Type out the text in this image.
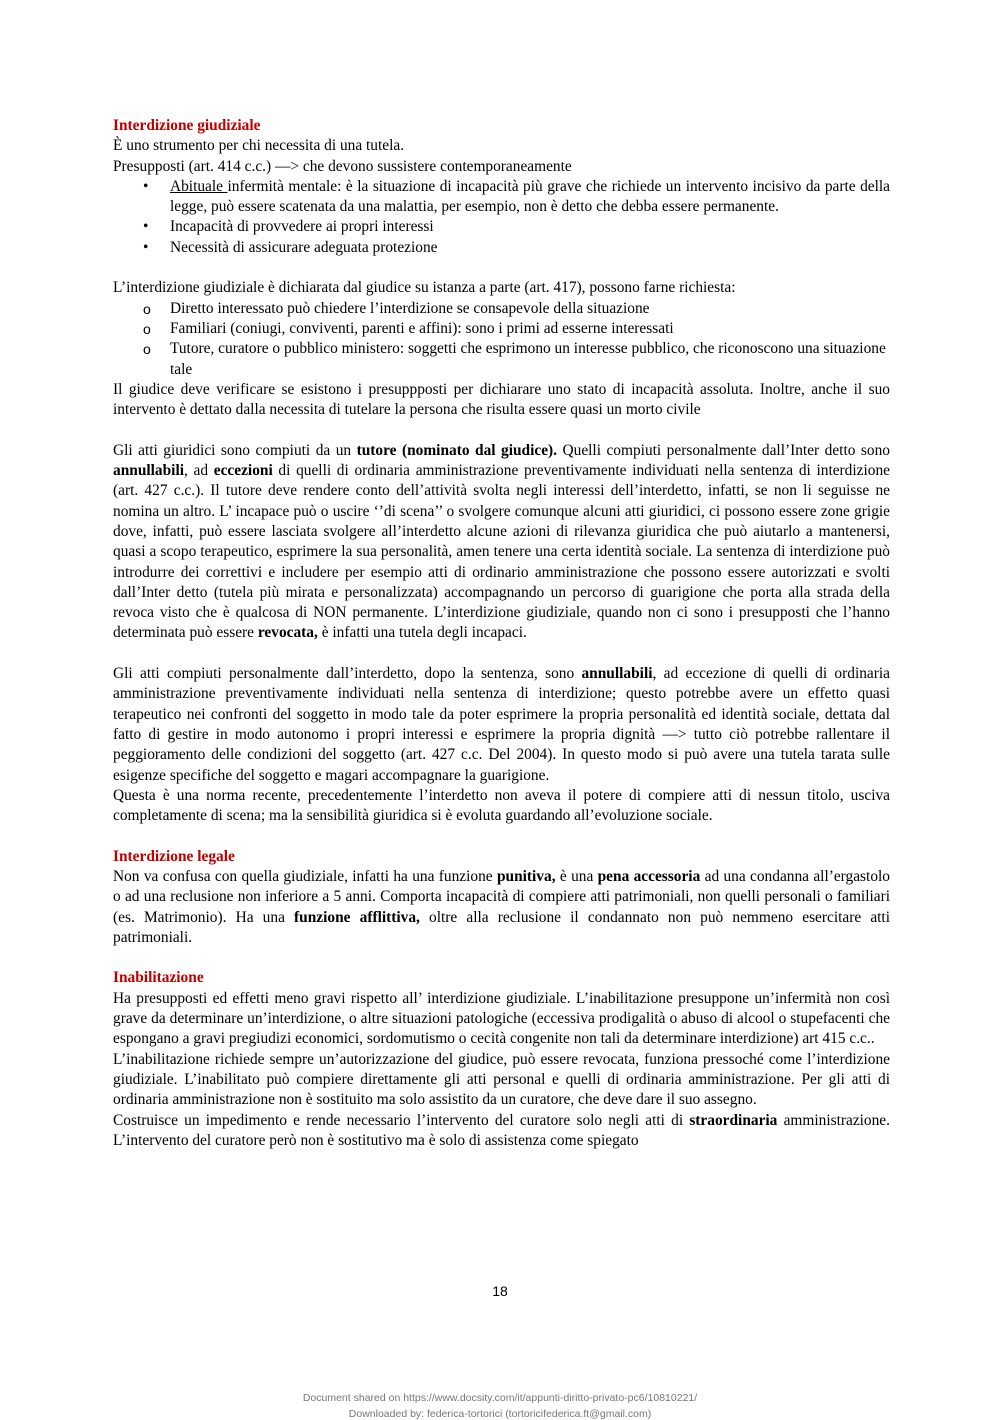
Interdizione giudiziale

È uno strumento per chi necessita di una tutela.

Presupposti (art. 414 c.c.) —> che devono sussistere contemporaneamente

• Abituale infermità mentale: è la situazione di incapacità più grave che richiede un intervento incisivo da parte della legge, può essere scatenata da una malattia, per esempio, non è detto che debba essere permanente.
• Incapacità di provvedere ai propri interessi
• Necessità di assicurare adeguata protezione

L’interdizione giudiziale è dichiarata dal giudice su istanza a parte (art. 417), possono farne richiesta:

o Diretto interessato può chiedere l’interdizione se consapevole della situazione
o Familiari (coniugi, conviventi, parenti e affini): sono i primi ad esserne interessati
o Tutore, curatore o pubblico ministero: soggetti che esprimono un interesse pubblico, che riconoscono una situazione tale

Il giudice deve verificare se esistono i presuppposti per dichiarare uno stato di incapacità assoluta. Inoltre, anche il suo intervento è dettato dalla necessita di tutelare la persona che risulta essere quasi un morto civile

Gli atti giuridici sono compiuti da un tutore (nominato dal giudice). Quelli compiuti personalmente dall’Inter detto sono annullabili, ad eccezioni di quelli di ordinaria amministrazione preventivamente individuati nella sentenza di interdizione (art. 427 c.c.). Il tutore deve rendere conto dell’attività svolta negli interessi dell’interdetto, infatti, se non li seguisse ne nomina un altro. L’ incapace può o uscire ‘’di scena’’ o svolgere comunque alcuni atti giuridici, ci possono essere zone grigie dove, infatti, può essere lasciata svolgere all’interdetto alcune azioni di rilevanza giuridica che può aiutarlo a mantenersi, quasi a scopo terapeutico, esprimere la sua personalità, amen tenere una certa identità sociale. La sentenza di interdizione può introdurre dei correttivi e includere per esempio atti di ordinario amministrazione che possono essere autorizzati e svolti dall’Inter detto (tutela più mirata e personalizzata) accompagnando un percorso di guarigione che porta alla strada della revoca visto che è qualcosa di NON permanente. L’interdizione giudiziale, quando non ci sono i presupposti che l’hanno determinata può essere revocata, è infatti una tutela degli incapaci.

Gli atti compiuti personalmente dall’interdetto, dopo la sentenza, sono annullabili, ad eccezione di quelli di ordinaria amministrazione preventivamente individuati nella sentenza di interdizione; questo potrebbe avere un effetto quasi terapeutico nei confronti del soggetto in modo tale da poter esprimere la propria personalità ed identità sociale, dettata dal fatto di gestire in modo autonomo i propri interessi e esprimere la propria dignità —> tutto ciò potrebbe rallentare il peggioramento delle condizioni del soggetto (art. 427 c.c. Del 2004). In questo modo si può avere una tutela tarata sulle esigenze specifiche del soggetto e magari accompagnare la guarigione.

Questa è una norma recente, precedentemente l’interdetto non aveva il potere di compiere atti di nessun titolo, usciva completamente di scena; ma la sensibilità giuridica si è evoluta guardando all’evoluzione sociale.

Interdizione legale

Non va confusa con quella giudiziale, infatti ha una funzione punitiva, è una pena accessoria ad una condanna all’ergastolo o ad una reclusione non inferiore a 5 anni. Comporta incapacità di compiere atti patrimoniali, non quelli personali o familiari (es. Matrimonio). Ha una funzione afflittiva, oltre alla reclusione il condannato non può nemmeno esercitare atti patrimoniali.

Inabilitazione

Ha presupposti ed effetti meno gravi rispetto all’ interdizione giudiziale. L’inabilitazione presuppone un’infermità non così grave da determinare un’interdizione, o altre situazioni patologiche (eccessiva prodigalità o abuso di alcool o stupefacenti che espongano a gravi pregiudizi economici, sordomutismo o cecità congenite non tali da determinare interdizione) art 415 c.c..

L’inabilitazione richiede sempre un’autorizzazione del giudice, può essere revocata, funziona pressoché come l’interdizione giudiziale. L’inabilitato può compiere direttamente gli atti personal e quelli di ordinaria amministrazione. Per gli atti di ordinaria amministrazione non è sostituito ma solo assistito da un curatore, che deve dare il suo assegno.

Costruisce un impedimento e rende necessario l’intervento del curatore solo negli atti di straordinaria amministrazione. L’intervento del curatore però non è sostitutivo ma è solo di assistenza come spiegato

18
Document shared on https://www.docsity.com/it/appunti-diritto-privato-pc6/10810221/
Downloaded by: federica-tortorici (tortoricifederica.ft@gmail.com)
